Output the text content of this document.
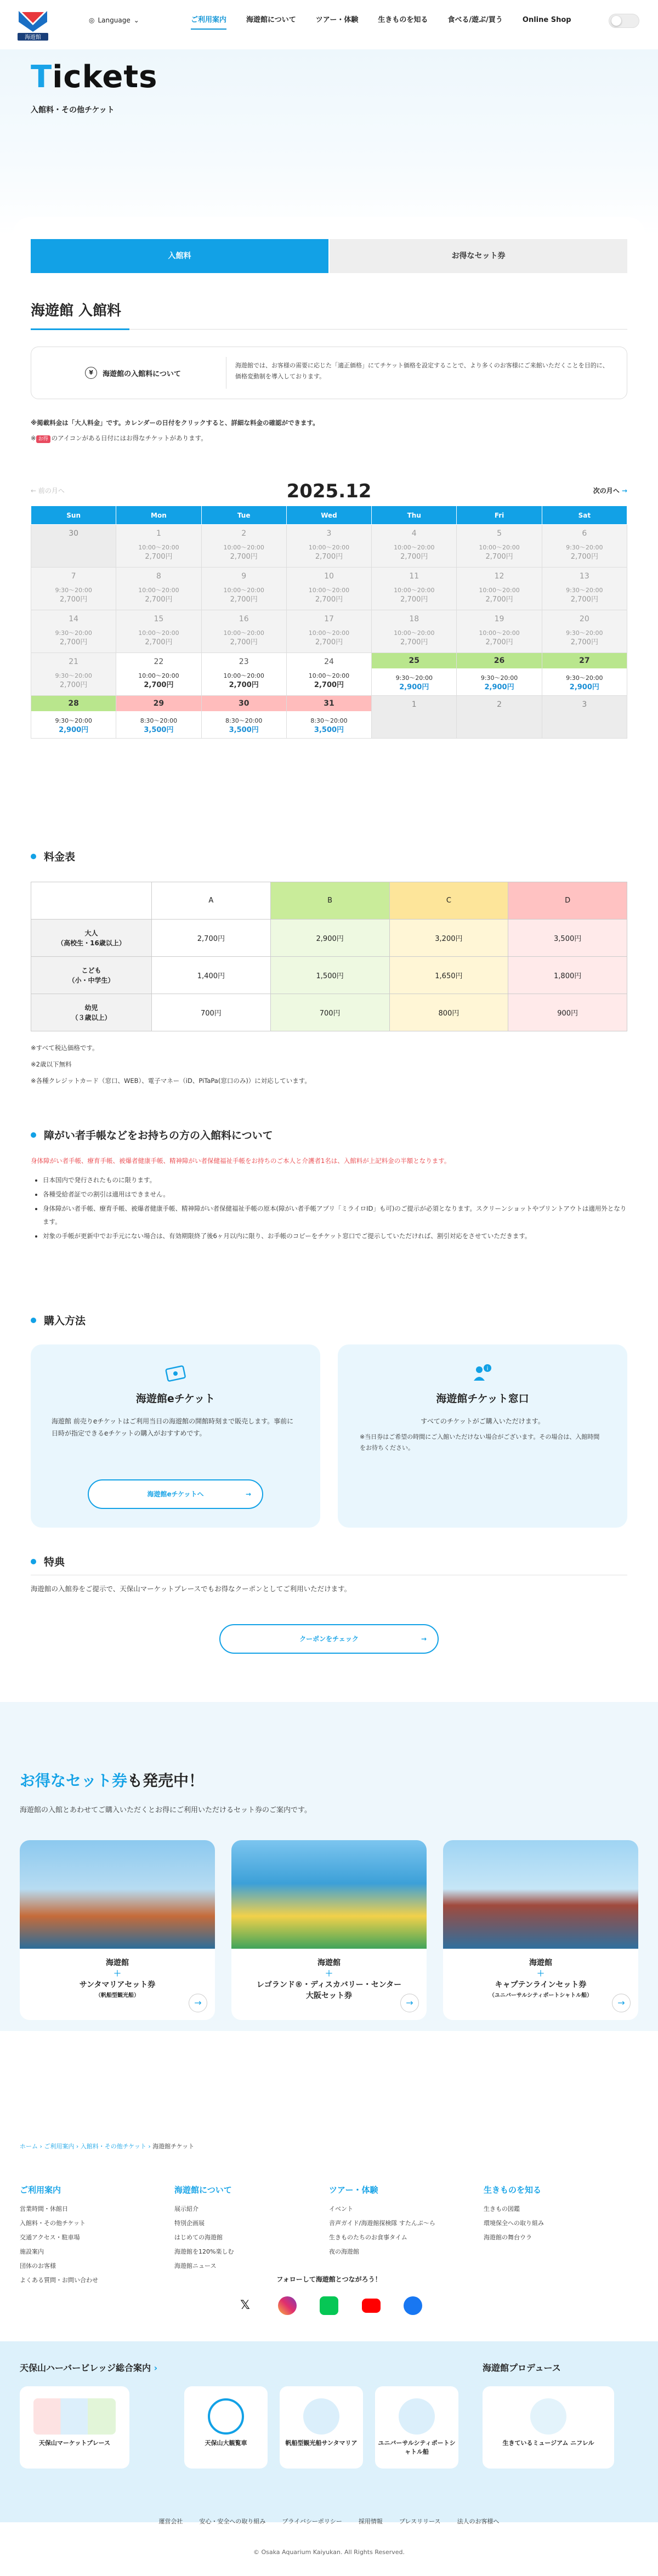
海遊館
◎ Language ⌄	ご利用案内	海遊館について	ツアー・体験	生きものを知る	食べる/遊ぶ/買う	Online Shop
Tickets
入館料・その他チケット
入館料	お得なセット券
海遊館 入館料
¥	海遊館の入館料について
海遊館では、お客様の需要に応じた「適正価格」にてチケット価格を設定することで、より多くのお客様にご来館いただくことを目的に、価格変動制を導入しております。
※掲載料金は「大人料金」です。カレンダーの日付をクリックすると、詳細な料金の確認ができます。
※ お得 のアイコンがある日付にはお得なチケットがあります。
2025.12
← 前の月へ	次の月へ →
Sun	Mon	Tue	Wed	Thu	Fri	Sat

30	1
10:00〜20:00
2,700円	2
10:00〜20:00
2,700円	3
10:00〜20:00
2,700円	4
10:00〜20:00
2,700円	5
10:00〜20:00
2,700円	6
9:30〜20:00
2,700円

7
9:30〜20:00
2,700円	8
10:00〜20:00
2,700円	9
10:00〜20:00
2,700円	10
10:00〜20:00
2,700円	11
10:00〜20:00
2,700円	12
10:00〜20:00
2,700円	13
9:30〜20:00
2,700円

14
9:30〜20:00
2,700円	15
10:00〜20:00
2,700円	16
10:00〜20:00
2,700円	17
10:00〜20:00
2,700円	18
10:00〜20:00
2,700円	19
10:00〜20:00
2,700円	20
9:30〜20:00
2,700円

21
9:30〜20:00
2,700円	22
10:00〜20:00
2,700円	23
10:00〜20:00
2,700円	24
10:00〜20:00
2,700円	25
9:30〜20:00
2,900円	26
9:30〜20:00
2,900円	27
9:30〜20:00
2,900円

28
9:30〜20:00
2,900円	29
8:30〜20:00
3,500円	30
8:30〜20:00
3,500円	31
8:30〜20:00
3,500円	1	2	3
料金表
	A	B	C	D
大人
（高校生・16歳以上）	2,700円	2,900円	3,200円	3,500円
こども
（小・中学生）	1,400円	1,500円	1,650円	1,800円
幼児
（３歳以上）	700円	700円	800円	900円
※すべて税込価格です。
※2歳以下無料
※各種クレジットカード（窓口、WEB）、電子マネー（iD、PiTaPa(窓口のみ)）に対応しています。
障がい者手帳などをお持ちの方の入館料について
身体障がい者手帳、療育手帳、被爆者健康手帳、精神障がい者保健福祉手帳をお持ちのご本人と介護者1名は、入館料が上記料金の半額となります。
• 日本国内で発行されたものに限ります。
• 各種受給者証での割引は適用はできません。
• 身体障がい者手帳、療育手帳、被爆者健康手帳、精神障がい者保健福祉手帳の原本(障がい者手帳アプリ「ミライロID」も可)のご提示が必須となります。スクリーンショットやプリントアウトは適用外となります。
• 対象の手帳が更新中でお手元にない場合は、有効期限終了後6ヶ月以内に限り、お手帳のコピーをチケット窓口でご提示していただければ、割引対応をさせていただきます。
購入方法
海遊館eチケット
海遊館 前売りeチケットはご利用当日の海遊館の開館時刻まで販売します。事前に日時が指定できるeチケットの購入がおすすめです。
海遊館eチケットへ	→
i
海遊館チケット窓口
すべてのチケットがご購入いただけます。
※当日券はご希望の時間にご入館いただけない場合がございます。その場合は、入館時間をお待ちください。
特典
海遊館の入館券をご提示で、天保山マーケットプレースでもお得なクーポンとしてご利用いただけます。
クーポンをチェック	→
お得なセット券も発売中！
海遊館の入館とあわせてご購入いただくとお得にご利用いただけるセット券のご案内です。
海遊館
＋
サンタマリアセット券
（帆船型観光船）
→
海遊館
＋
レゴランド®・ディスカバリー・センター大阪セット券
→
海遊館
＋
キャプテンラインセット券
（ユニバーサルシティポートシャトル船）
→
ホーム › ご利用案内 › 入館料・その他チケット › 海遊館チケット
ご利用案内
営業時間・休館日
入館料・その他チケット
交通アクセス・駐車場
施設案内
団体のお客様
よくある質問・お問い合わせ
海遊館について
展示紹介
特別企画展
はじめての海遊館
海遊館を120%楽しむ
海遊館ニュース
ツアー・体験
イベント
音声ガイド/海遊館探検隊 すたんぷ～ら
生きものたちのお食事タイム
夜の海遊館
生きものを知る
生きもの図鑑
環境保全への取り組み
海遊館の舞台ウラ
フォローして海遊館とつながろう！
𝕏
天保山ハーバービレッジ総合案内 ›	海遊館プロデュース
天保山マーケットプレース	天保山大観覧車	帆船型観光船サンタマリア	ユニバーサルシティポートシャトル船
生きているミュージアム ニフレル
運営会社	安心・安全への取り組み	プライバシーポリシー	採用情報	プレスリリース	法人のお客様へ
© Osaka Aquarium Kaiyukan. All Rights Reserved.
